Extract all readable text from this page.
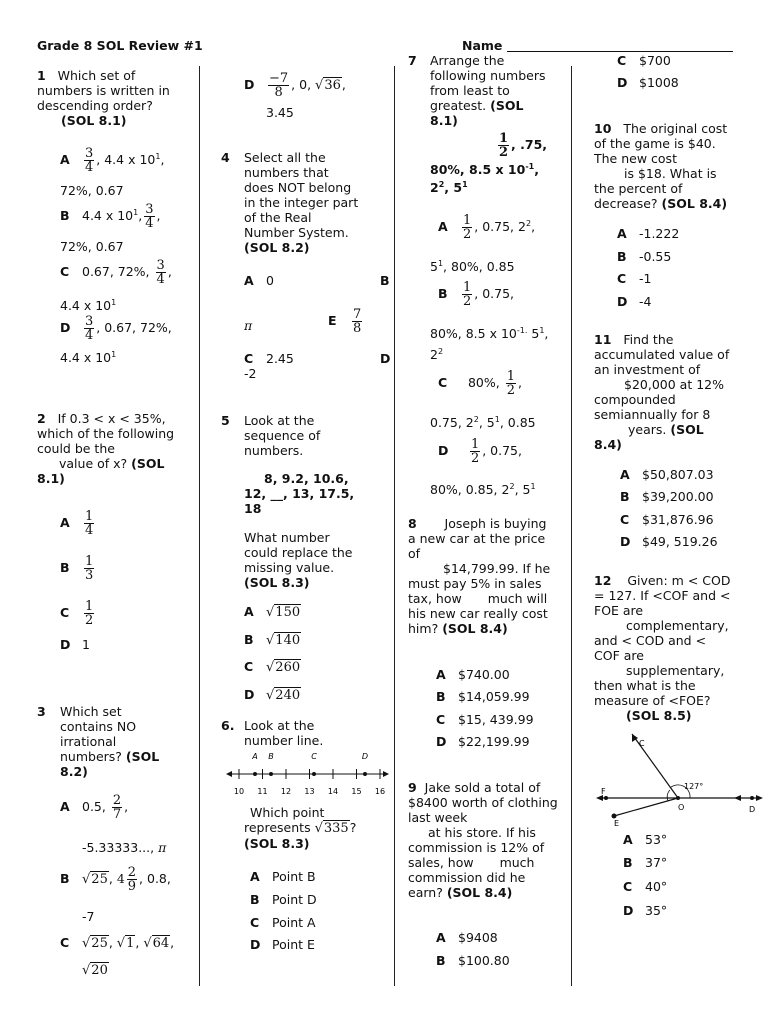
Grade 8 SOL Review #1	Name
1 Which set of numbers is written in descending order?
(SOL 8.1)
A $\frac{3}{4}$ , 4.4 x $10^1$,
72%, 0.67
B 4.4 x $10^1$, $\frac{3}{4}$ ,
72%, 0.67
C 0.67, 72%, $\frac{3}{4}$ ,
4.4 x $10^1$
D $\frac{3}{4}$ , 0.67, 72%,
4.4 x $10^1$
2 If 0.3 < x < 35%, which of the following could be the
value of x? (SOL 8.1)
A $\frac{1}{4}$
B $\frac{1}{3}$
C $\frac{1}{2}$
D 1
3 Which set contains NO irrational numbers? (SOL 8.2)
A 0.5, $\frac{2}{7}$ ,
-5.33333..., π
B √25, $4 \frac{2}{9}$ , 0.8,
-7
C √25, √1, √64,
√20
D $\frac{-7}{8}$ , 0, √36,
3.45
4 Select all the numbers that does NOT belong in the integer part of the Real Number System. (SOL 8.2)
A 0	B
π	E $\frac{7}{8}$
C 2.45	D
-2
5 Look at the sequence of numbers.
8, 9.2, 10.6, 12, __, 13, 17.5, 18
What number could replace the missing value. (SOL 8.3)
A √150
B √140
C √260
D √240
6. Look at the number line.
10 11 12 13 14 15 16
A B	C	D
Which point represents √335?
(SOL 8.3)
A Point B
B Point D
C Point A
D Point E
7 Arrange the following numbers from least to greatest. (SOL 8.1)
$\frac{1}{2}$ , .75,
80%, 8.5 x $10^{-1}$,
$2^2$, $5^1$
A $\frac{1}{2}$ , 0.75, $2^2$,
$5^1$, 80%, 0.85
B $\frac{1}{2}$ , 0.75,
80%, 8.5 x $10^{-1.}$ $5^1$,
$2^2$
C 80%, $\frac{1}{2}$ ,
0.75, $2^2$, $5^1$, 0.85
D $\frac{1}{2}$ , 0.75,
80%, 0.85, $2^2$, $5^1$
8 Joseph is buying a new car at the price of
$14,799.99. If he must pay 5% in sales tax, how much will his new car really cost him? (SOL 8.4)
A $740.00
B $14,059.99
C $15, 439.99
D $22,199.99
9 Jake sold a total of $8400 worth of clothing last week
at his store. If his commission is 12% of sales, how much commission did he earn? (SOL 8.4)
A $9408
B $100.80
C $700
D $1008
10 The original cost of the game is $40. The new cost
is $18. What is the percent of decrease? (SOL 8.4)
A -1.222
B -0.55
C -1
D -4
11 Find the accumulated value of an investment of
$20,000 at 12% compounded semiannually for 8
years. (SOL 8.4)
A $50,807.03
B $39,200.00
C $31,876.96
D $49, 519.26
12 Given: m < COD = 127. If <COF and < FOE are
complementary, and < COD and < COF are
supplementary, then what is the measure of <FOE?
(SOL 8.5)
C
F
O	D
E
127°
A 53°
B 37°
C 40°
D 35°
